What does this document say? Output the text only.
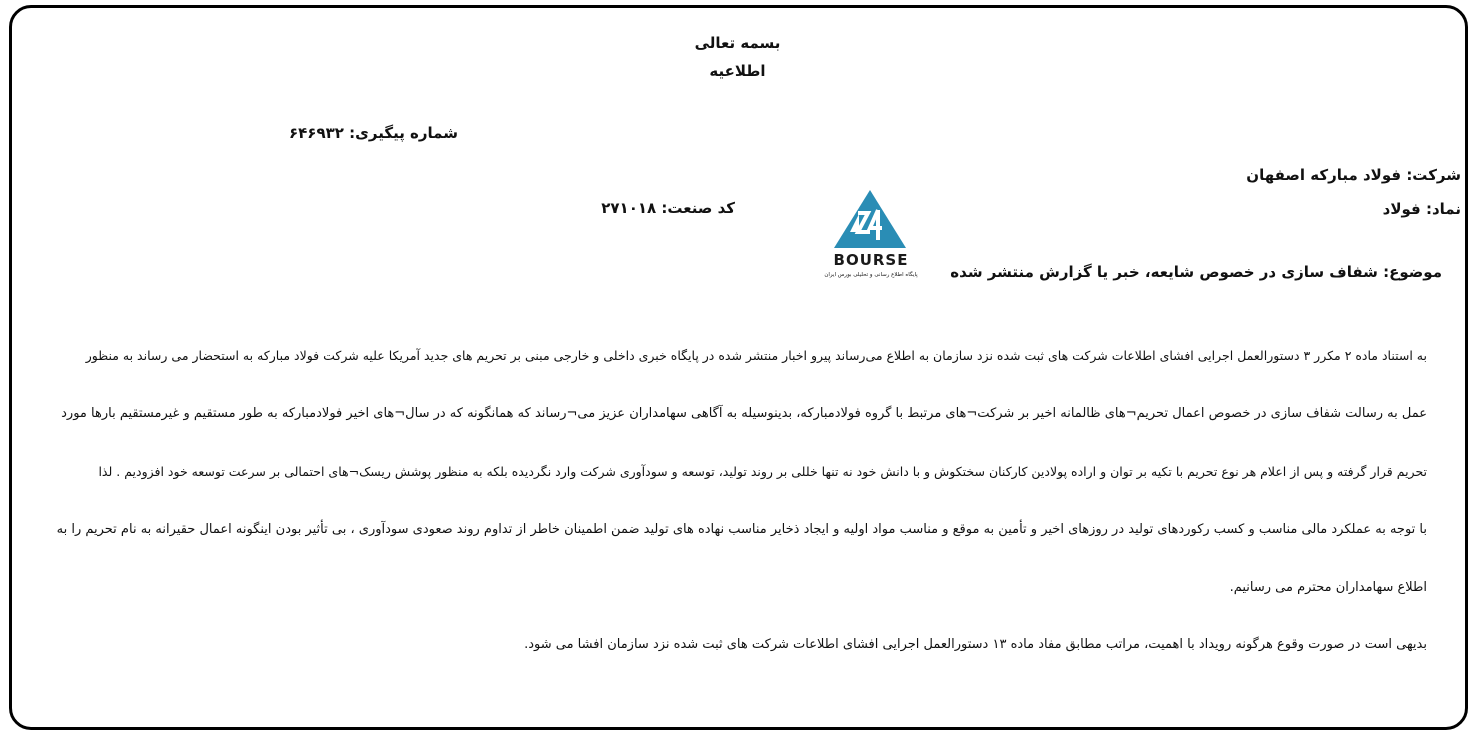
بسمه تعالی
اطلاعیه
شماره پیگیری: ۶۴۶۹۳۲
شرکت: فولاد مبارکه اصفهان
نماد: فولاد
کد صنعت: ۲۷۱۰۱۸
BOURSE
پایگاه اطلاع رسانی و تحلیلی بورس ایران	موضوع: شفاف سازی در خصوص شایعه، خبر یا گزارش منتشر شده
به استناد ماده ۲ مکرر ۳ دستورالعمل اجرایی افشای اطلاعات شرکت های ثبت شده نزد سازمان به اطلاع می‌رساند پیرو اخبار منتشر شده در پایگاه خبری داخلی و خارجی مبنی بر تحریم های جدید آمریکا علیه شرکت فولاد مبارکه به استحضار می رساند به منظور
عمل به رسالت شفاف سازی در خصوص اعمال تحریم¬های ظالمانه اخیر بر شرکت¬های مرتبط با گروه فولادمبارکه، بدینوسیله به آگاهی سهامداران عزیز می¬رساند که همانگونه که در سال¬های اخیر فولادمبارکه به طور مستقیم و غیرمستقیم بارها مورد
تحریم قرار گرفته و پس از اعلام هر نوع تحریم با تکیه بر توان و اراده پولادین کارکنان سختکوش و با دانش خود نه تنها خللی بر روند تولید، توسعه و سودآوری شرکت وارد نگردیده بلکه به منظور پوشش ریسک¬های احتمالی بر سرعت توسعه خود افزودیم . لذا
با توجه به عملکرد مالی مناسب و کسب رکوردهای تولید در روزهای اخیر و تأمین به موقع و مناسب مواد اولیه و ایجاد ذخایر مناسب نهاده های تولید ضمن اطمینان خاطر از تداوم روند صعودی سودآوری ، بی تأثیر بودن اینگونه اعمال حقیرانه به نام تحریم را به
اطلاع سهامداران محترم می رسانیم.
بدیهی است در صورت وقوع هرگونه رویداد با اهمیت، مراتب مطابق مفاد ماده ۱۳ دستورالعمل اجرایی افشای اطلاعات شرکت های ثبت شده نزد سازمان افشا می شود.
